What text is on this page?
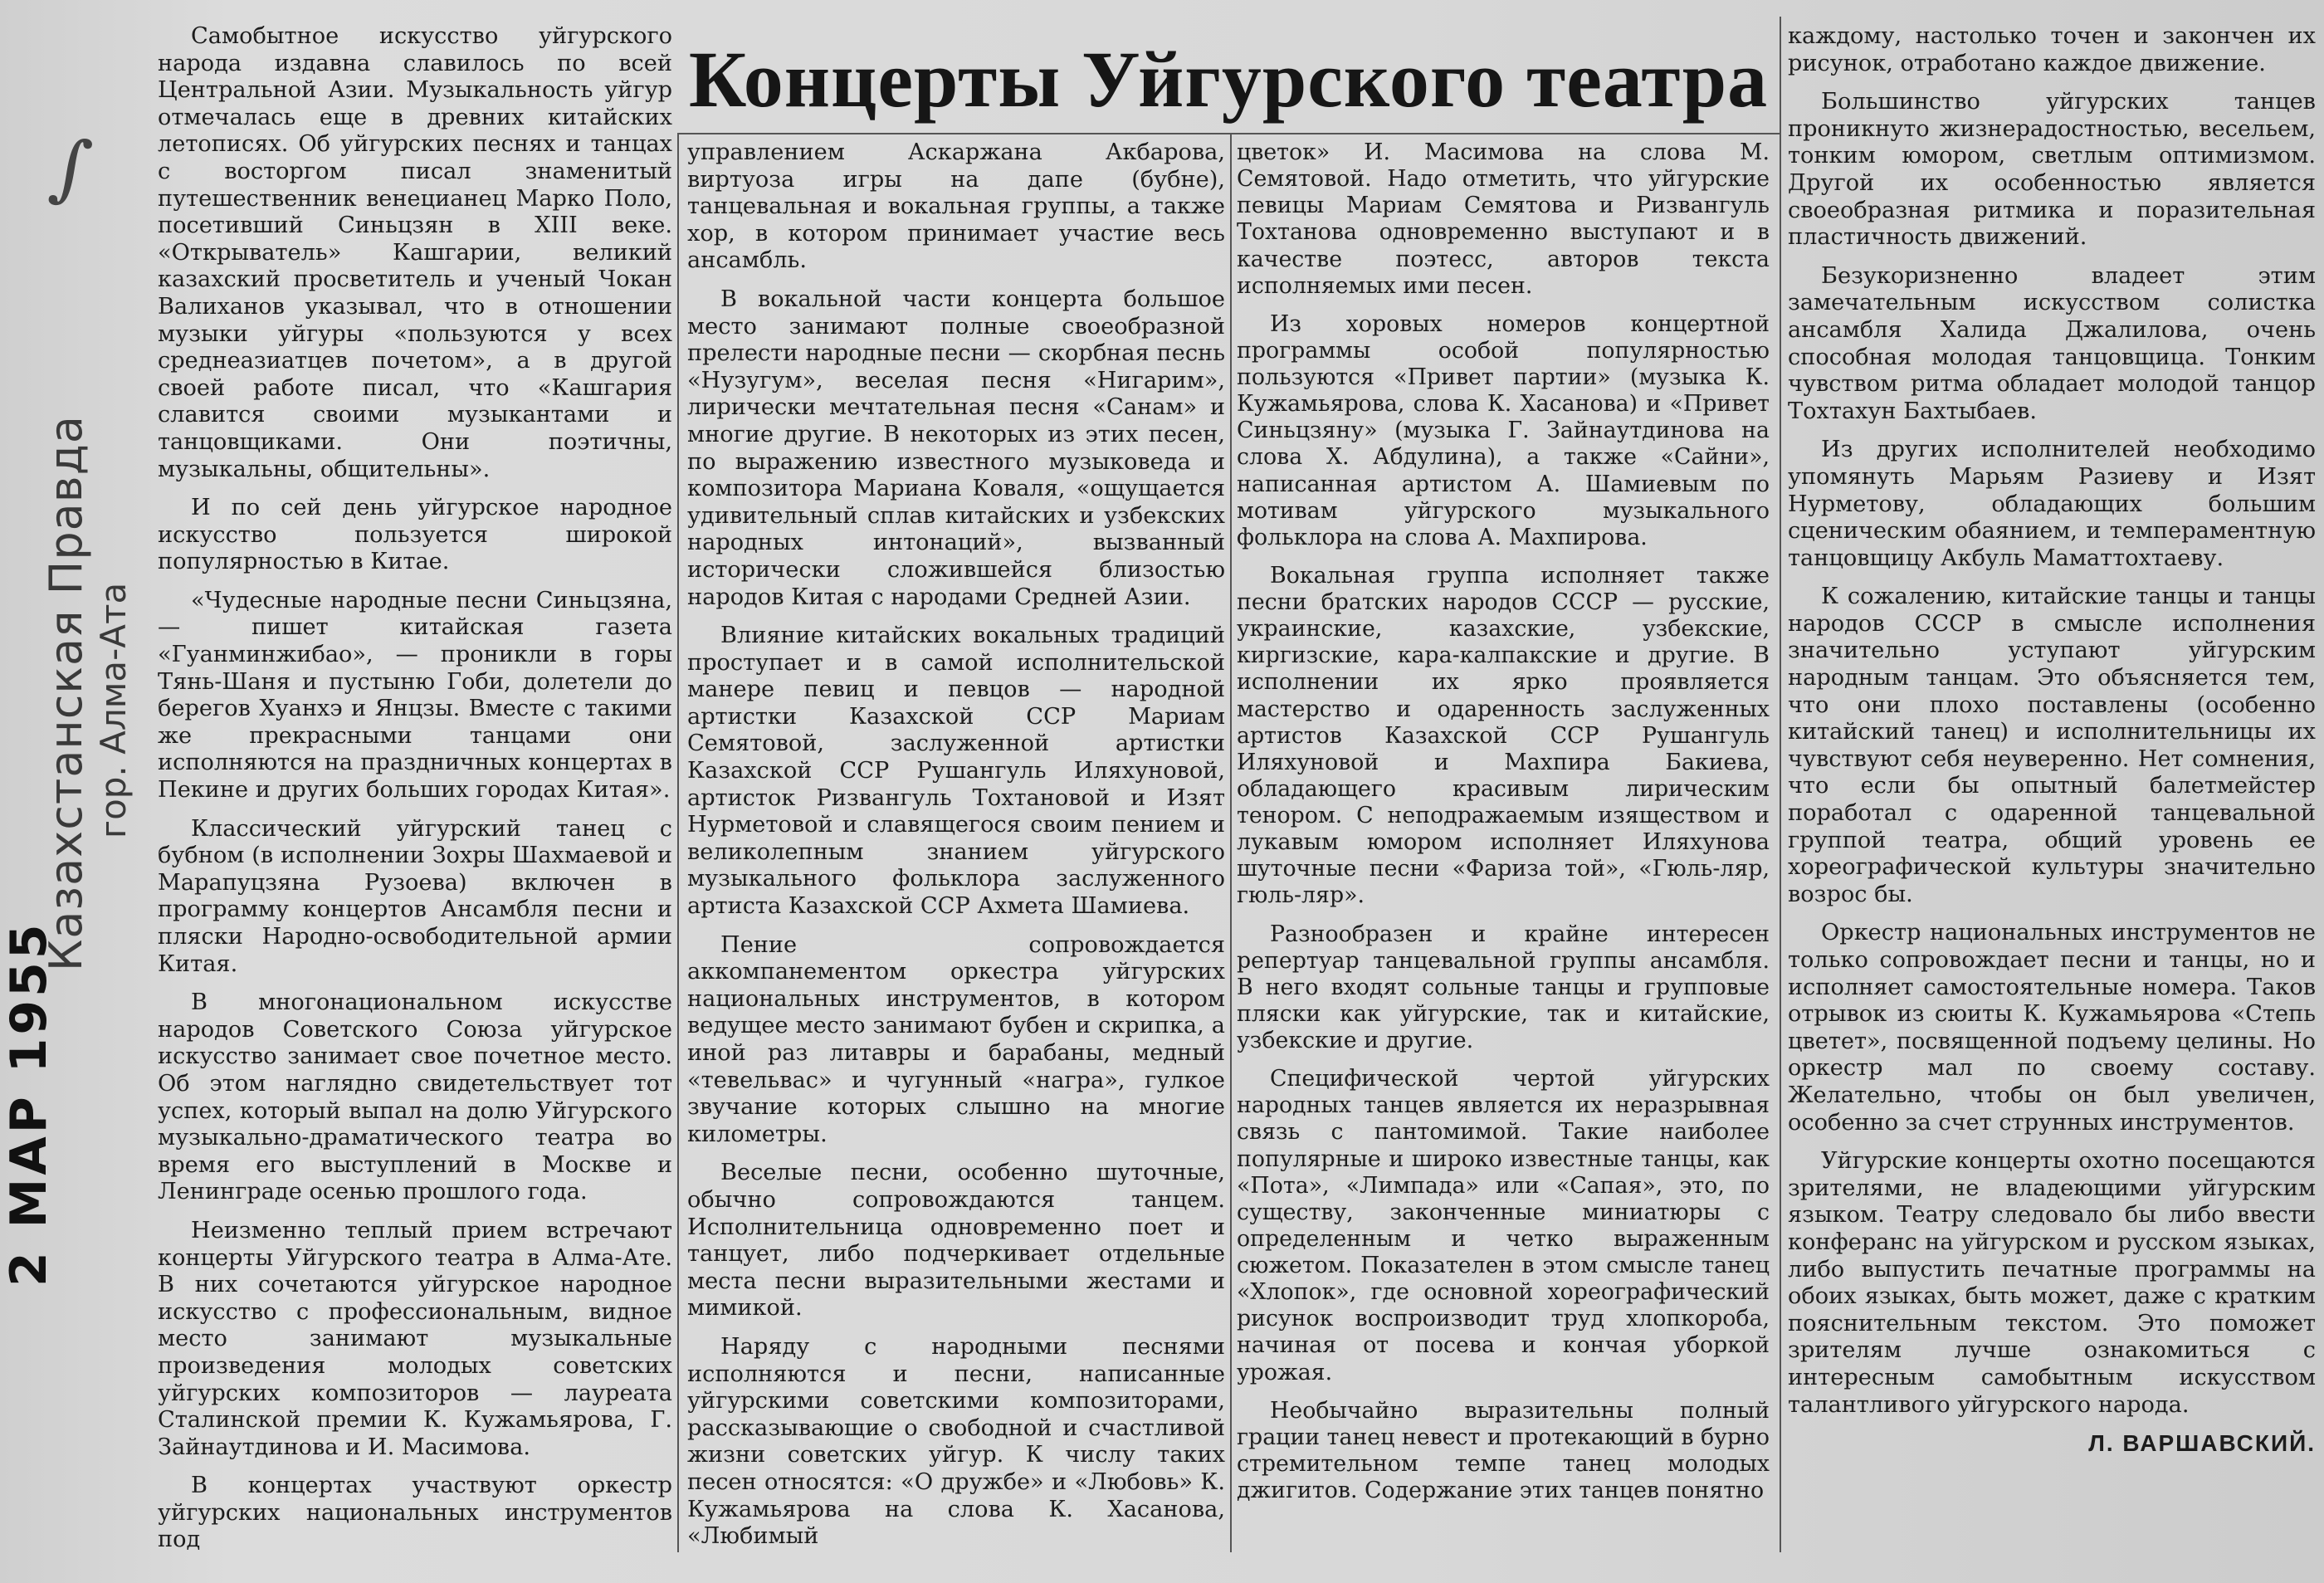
∫
Казахстанская Правда гор. Алма-Ата
2 МАР 1955
Концерты Уйгурского театра

Самобытное искусство уйгурского народа издавна славилось по всей Центральной Азии. Музыкальность уйгур отмечалась еще в древних китайских летописях. Об уйгурских песнях и танцах с восторгом писал знаменитый путешественник венецианец Марко Поло, посетивший Синьцзян в XIII веке. «Открыватель» Кашгарии, великий казахский просветитель и ученый Чокан Валиханов указывал, что в отношении музыки уйгуры «пользуются у всех среднеазиатцев почетом», а в другой своей работе писал, что «Кашгария славится своими музыкантами и танцовщиками. Они поэтичны, музыкальны, общительны».

И по сей день уйгурское народное искусство пользуется широкой популярностью в Китае.

«Чудесные народные песни Синьцзяна, — пишет китайская газета «Гуанминжибао», — проникли в горы Тянь-Шаня и пустыню Гоби, долетели до берегов Хуанхэ и Янцзы. Вместе с такими же прекрасными танцами они исполняются на праздничных концертах в Пекине и других больших городах Китая».

Классический уйгурский танец с бубном (в исполнении Зохры Шахмаевой и Марапуцзяна Рузоева) включен в программу концертов Ансамбля песни и пляски Народно-освободительной армии Китая.

В многонациональном искусстве народов Советского Союза уйгурское искусство занимает свое почетное место. Об этом наглядно свидетельствует тот успех, который выпал на долю Уйгурского музыкально-драматического театра во время его выступлений в Москве и Ленинграде осенью прошлого года.

Неизменно теплый прием встречают концерты Уйгурского театра в Алма-Ате. В них сочетаются уйгурское народное искусство с профессиональным, видное место занимают музыкальные произведения молодых советских уйгурских композиторов — лауреата Сталинской премии К. Кужамьярова, Г. Зайнаутдинова и И. Масимова.

В концертах участвуют оркестр уйгурских национальных инструментов под

управлением Аскаржана Акбарова, виртуоза игры на дапе (бубне), танцевальная и вокальная группы, а также хор, в котором принимает участие весь ансамбль.

В вокальной части концерта большое место занимают полные своеобразной прелести народные песни — скорбная песнь «Нузугум», веселая песня «Нигарим», лирически мечтательная песня «Санам» и многие другие. В некоторых из этих песен, по выражению известного музыковеда и композитора Мариана Коваля, «ощущается удивительный сплав китайских и узбекских народных интонаций», вызванный исторически сложившейся близостью народов Китая с народами Средней Азии.

Влияние китайских вокальных традиций проступает и в самой исполнительской манере певиц и певцов — народной артистки Казахской ССР Мариам Семятовой, заслуженной артистки Казахской ССР Рушангуль Иляхуновой, артисток Ризвангуль Тохтановой и Изят Нурметовой и славящегося своим пением и великолепным знанием уйгурского музыкального фольклора заслуженного артиста Казахской ССР Ахмета Шамиева.

Пение сопровождается аккомпанементом оркестра уйгурских национальных инструментов, в котором ведущее место занимают бубен и скрипка, а иной раз литавры и барабаны, медный «тевельвас» и чугунный «награ», гулкое звучание которых слышно на многие километры.

Веселые песни, особенно шуточные, обычно сопровождаются танцем. Исполнительница одновременно поет и танцует, либо подчеркивает отдельные места песни выразительными жестами и мимикой.

Наряду с народными песнями исполняются и песни, написанные уйгурскими советскими композиторами, рассказывающие о свободной и счастливой жизни советских уйгур. К числу таких песен относятся: «О дружбе» и «Любовь» К. Кужамьярова на слова К. Хасанова, «Любимый

цветок» И. Масимова на слова М. Семятовой. Надо отметить, что уйгурские певицы Мариам Семятова и Ризвангуль Тохтанова одновременно выступают и в качестве поэтесс, авторов текста исполняемых ими песен.

Из хоровых номеров концертной программы особой популярностью пользуются «Привет партии» (музыка К. Кужамьярова, слова К. Хасанова) и «Привет Синьцзяну» (музыка Г. Зайнаутдинова на слова Х. Абдулина), а также «Сайни», написанная артистом А. Шамиевым по мотивам уйгурского музыкального фольклора на слова А. Махпирова.

Вокальная группа исполняет также песни братских народов СССР — русские, украинские, казахские, узбекские, киргизские, кара-калпакские и другие. В исполнении их ярко проявляется мастерство и одаренность заслуженных артистов Казахской ССР Рушангуль Иляхуновой и Махпира Бакиева, обладающего красивым лирическим тенором. С неподражаемым изяществом и лукавым юмором исполняет Иляхунова шуточные песни «Фариза той», «Гюль-ляр, гюль-ляр».

Разнообразен и крайне интересен репертуар танцевальной группы ансамбля. В него входят сольные танцы и групповые пляски как уйгурские, так и китайские, узбекские и другие.

Специфической чертой уйгурских народных танцев является их неразрывная связь с пантомимой. Такие наиболее популярные и широко известные танцы, как «Пота», «Лимпада» или «Сапая», это, по существу, законченные миниатюры с определенным и четко выраженным сюжетом. Показателен в этом смысле танец «Хлопок», где основной хореографический рисунок воспроизводит труд хлопкороба, начиная от посева и кончая уборкой урожая.

Необычайно выразительны полный грации танец невест и протекающий в бурно стремительном темпе танец молодых джигитов. Содержание этих танцев понятно

каждому, настолько точен и закончен их рисунок, отработано каждое движение.

Большинство уйгурских танцев проникнуто жизнерадостностью, весельем, тонким юмором, светлым оптимизмом. Другой их особенностью является своеобразная ритмика и поразительная пластичность движений.

Безукоризненно владеет этим замечательным искусством солистка ансамбля Халида Джалилова, очень способная молодая танцовщица. Тонким чувством ритма обладает молодой танцор Тохтахун Бахтыбаев.

Из других исполнителей необходимо упомянуть Марьям Разиеву и Изят Нурметову, обладающих большим сценическим обаянием, и темпераментную танцовщицу Акбуль Маматтохтаеву.

К сожалению, китайские танцы и танцы народов СССР в смысле исполнения значительно уступают уйгурским народным танцам. Это объясняется тем, что они плохо поставлены (особенно китайский танец) и исполнительницы их чувствуют себя неуверенно. Нет сомнения, что если бы опытный балетмейстер поработал с одаренной танцевальной группой театра, общий уровень ее хореографической культуры значительно возрос бы.

Оркестр национальных инструментов не только сопровождает песни и танцы, но и исполняет самостоятельные номера. Таков отрывок из сюиты К. Кужамьярова «Степь цветет», посвященной подъему целины. Но оркестр мал по своему составу. Желательно, чтобы он был увеличен, особенно за счет струнных инструментов.

Уйгурские концерты охотно посещаются зрителями, не владеющими уйгурским языком. Театру следовало бы либо ввести конферанс на уйгурском и русском языках, либо выпустить печатные программы на обоих языках, быть может, даже с кратким пояснительным текстом. Это поможет зрителям лучше ознакомиться с интересным самобытным искусством талантливого уйгурского народа.

Л. ВАРШАВСКИЙ.
